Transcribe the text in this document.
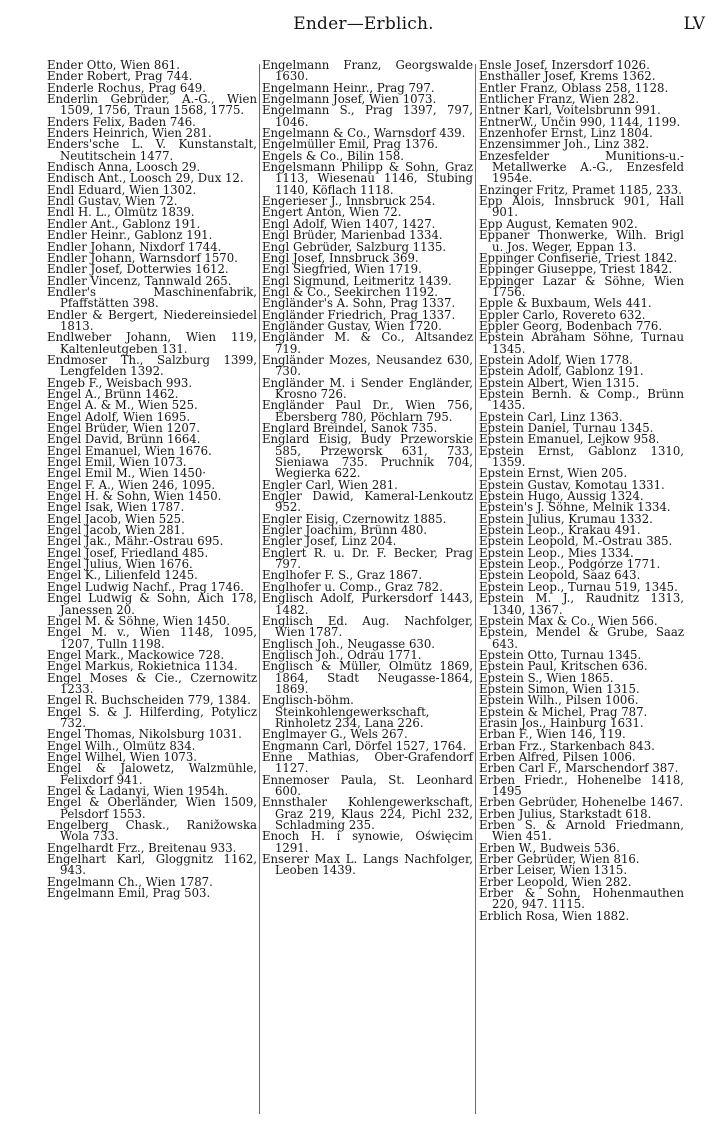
Ender—Erblich.	LV

Ender Otto, Wien 861.

Ender Robert, Prag 744.

Enderle Rochus, Prag 649.

Enderlin Gebrüder, A.-G., Wien 1509, 1756, Traun 1568, 1775.

Enders Felix, Baden 746.

Enders Heinrich, Wien 281.

Enders'sche L. V. Kunstanstalt, Neutitschein 1477.

Endisch Anna, Loosch 29.

Endisch Ant., Loosch 29, Dux 12.

Endl Eduard, Wien 1302.

Endl Gustav, Wien 72.

Endl H. L., Olmütz 1839.

Endler Ant., Gablonz 191.

Endler Heinr., Gablonz 191.

Endler Johann, Nixdorf 1744.

Endler Johann, Warnsdorf 1570.

Endler Josef, Dotterwies 1612.

Endler Vincenz, Tannwald 265.

Endler's Maschinenfabrik, Pfaffstätten 398.

Endler & Bergert, Niedereinsiedel 1813.

Endlweber Johann, Wien 119, Kaltenleutgeben 131.

Endmoser Th., Salzburg 1399, Lengfelden 1392.

Engeb F., Weisbach 993.

Engel A., Brünn 1462.

Engel A. & M., Wien 525.

Engel Adolf, Wien 1695.

Engel Brüder, Wien 1207.

Engel David, Brünn 1664.

Engel Emanuel, Wien 1676.

Engel Emil, Wien 1073.

Engel Emil M., Wien 1450·

Engel F. A., Wien 246, 1095.

Engel H. & Sohn, Wien 1450.

Engel Isak, Wien 1787.

Engel Jacob, Wien 525.

Engel Jacob, Wien 281.

Engel Jak., Mähr.-Ostrau 695.

Engel Josef, Friedland 485.

Engel Julius, Wien 1676.

Engel K., Lilienfeld 1245.

Engel Ludwig Nachf., Prag 1746.

Engel Ludwig & Sohn, Aich 178, Janessen 20.

Engel M. & Söhne, Wien 1450.

Engel M. v., Wien 1148, 1095, 1207, Tulln 1198.

Engel Mark., Mackowice 728.

Engel Markus, Rokietnica 1134.

Engel Moses & Cie., Czernowitz 1233.

Engel R. Buchscheiden 779, 1384.

Engel S. & J. Hilferding, Potylicz 732.

Engel Thomas, Nikolsburg 1031.

Engel Wilh., Olmütz 834.

Engel Wilhel, Wien 1073.

Engel & Jalowetz, Walzmühle, Felixdorf 941.

Engel & Ladanyi, Wien 1954h.

Engel & Oberländer, Wien 1509, Pelsdorf 1553.

Engelberg Chask., Ranižowska Wola 733.

Engelhardt Frz., Breitenau 933.

Engelhart Karl, Gloggnitz 1162, 943.

Engelmann Ch., Wien 1787.

Engelmann Emil, Prag 503.

Engelmann Franz, Georgswalde 1630.

Engelmann Heinr., Prag 797.

Engelmann Josef, Wien 1073.

Engelmann S., Prag 1397, 797, 1046.

Engelmann & Co., Warnsdorf 439.

Engelmüller Emil, Prag 1376.

Engels & Co., Bilin 158.

Engelsmann Philipp & Sohn, Graz 1113, Wiesenau 1146, Stubing 1140, Köflach 1118.

Engerieser J., Innsbruck 254.

Engert Anton, Wien 72.

Engl Adolf, Wien 1407, 1427.

Engl Brüder, Marienbad 1334.

Engl Gebrüder, Salzburg 1135.

Engl Josef, Innsbruck 369.

Engl Siegfried, Wien 1719.

Engl Sigmund, Leitmeritz 1439.

Engl & Co., Seekirchen 1192.

Engländer's A. Sohn, Prag 1337.

Engländer Friedrich, Prag 1337.

Engländer Gustav, Wien 1720.

Engländer M. & Co., Altsandez 719.

Engländer Mozes, Neusandez 630, 730.

Engländer M. i Sender Engländer, Krosno 726.

Engländer Paul Dr., Wien 756, Ebersberg 780, Pöchlarn 795.

Englard Breindel, Sanok 735.

Englard Eisig, Budy Przeworskie 585, Przeworsk 631, 733, Sieniawa 735. Pruchnik 704, Wegierka 622.

Engler Carl, Wien 281.

Engler Dawid, Kameral-Lenkoutz 952.

Engler Eisig, Czernowitz 1885.

Engler Joachim, Brünn 480.

Engler Josef, Linz 204.

Englert R. u. Dr. F. Becker, Prag 797.

Englhofer F. S., Graz 1867.

Englhofer u. Comp., Graz 782.

Englisch Adolf, Purkersdorf 1443, 1482.

Englisch Ed. Aug. Nachfolger, Wien 1787.

Englisch Joh., Neugasse 630.

Englisch Joh., Odrau 1771.

Englisch & Müller, Olmütz 1869, 1864, Stadt Neugasse-1864, 1869.

Englisch-böhm. Steinkohlengewerkschaft, Rinholetz 234, Lana 226.

Englmayer G., Wels 267.

Engmann Carl, Dörfel 1527, 1764.

Enne Mathias, Ober-Grafendorf 1127.

Ennemoser Paula, St. Leonhard 600.

Ennsthaler Kohlengewerkschaft, Graz 219, Klaus 224, Pichl 232, Schladming 235.

Enoch H. i synowie, Oświęcim 1291.

Enserer Max L. Langs Nachfolger, Leoben 1439.

Ensle Josef, Inzersdorf 1026.

Ensthaller Josef, Krems 1362.

Entler Franz, Oblass 258, 1128.

Entlicher Franz, Wien 282.

Entner Karl, Voitelsbrunn 991.

EntnerW., Unčin 990, 1144, 1199.

Enzenhofer Ernst, Linz 1804.

Enzensimmer Joh., Linz 382.

Enzesfelder Munitions-u.-Metallwerke A.-G., Enzesfeld 1954e.

Enzinger Fritz, Pramet 1185, 233.

Epp Alois, Innsbruck 901, Hall 901.

Epp August, Kematen 902.

Eppaner Thonwerke, Wilh. Brigl u. Jos. Weger, Eppan 13.

Eppinger Confiserie, Triest 1842.

Eppinger Giuseppe, Triest 1842.

Eppinger Lazar & Söhne, Wien 1756.

Epple & Buxbaum, Wels 441.

Eppler Carlo, Rovereto 632.

Eppler Georg, Bodenbach 776.

Epstein Abraham Söhne, Turnau 1345.

Epstein Adolf, Wien 1778.

Epstein Adolf, Gablonz 191.

Epstein Albert, Wien 1315.

Epstein Bernh. & Comp., Brünn 1435.

Epstein Carl, Linz 1363.

Epstein Daniel, Turnau 1345.

Epstein Emanuel, Lejkow 958.

Epstein Ernst, Gablonz 1310, 1359.

Epstein Ernst, Wien 205.

Epstein Gustav, Komotau 1331.

Epstein Hugo, Aussig 1324.

Epstein's J. Söhne, Melnik 1334.

Epstein Julius, Krumau 1332.

Epstein Leop., Krakau 491.

Epstein Leopold, M.-Ostrau 385.

Epstein Leop., Mies 1334.

Epstein Leop., Podgórze 1771.

Epstein Leopold, Saaz 643.

Epstein Leop., Turnau 519, 1345.

Epstein M. J., Raudnitz 1313, 1340, 1367.

Epstein Max & Co., Wien 566.

Epstein, Mendel & Grube, Saaz 643.

Epstein Otto, Turnau 1345.

Epstein Paul, Kritschen 636.

Epstein S., Wien 1865.

Epstein Simon, Wien 1315.

Epstein Wilh., Pilsen 1006.

Epstein & Michel, Prag 787.

Erasin Jos., Hainburg 1631.

Erban F., Wien 146, 119.

Erban Frz., Starkenbach 843.

Erben Alfred, Pilsen 1006.

Erben Carl F., Marschendorf 387.

Erben Friedr., Hohenelbe 1418, 1495

Erben Gebrüder, Hohenelbe 1467.

Erben Julius, Starkstadt 618.

Erben S. & Arnold Friedmann, Wien 451.

Erben W., Budweis 536.

Erber Gebrüder, Wien 816.

Erber Leiser, Wien 1315.

Erber Leopold, Wien 282.

Erber & Sohn, Hohenmauthen 220, 947. 1115.

Erblich Rosa, Wien 1882.
